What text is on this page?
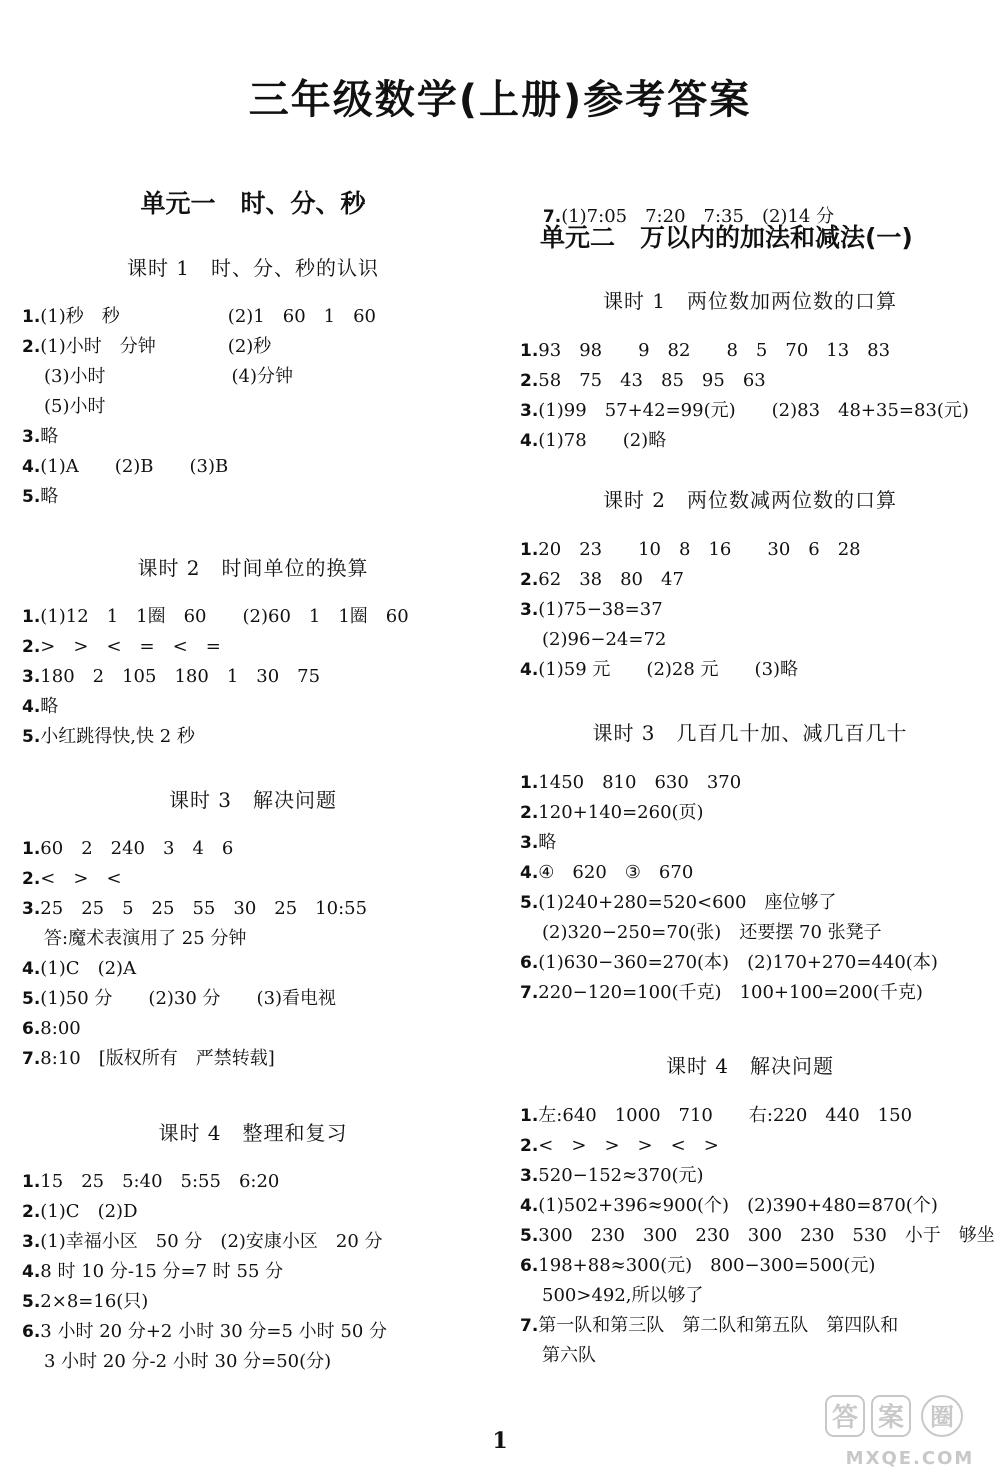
三年级数学(上册)参考答案
单元一　时、分、秒
课时 1　时、分、秒的认识
1.(1)秒　秒　　　　　　(2)1　60　1　60
2.(1)小时　分钟　　　　(2)秒
(3)小时　　　　　　　(4)分钟
(5)小时
3.略
4.(1)A　　(2)B　　(3)B
5.略
课时 2　时间单位的换算
1.(1)12　1　1圈　60　　(2)60　1　1圈　60
2.>　>　<　=　<　=
3.180　2　105　180　1　30　75
4.略
5.小红跳得快,快 2 秒
课时 3　解决问题
1.60　2　240　3　4　6
2.<　>　<
3.25　25　5　25　55　30　25　10:55
答:魔术表演用了 25 分钟
4.(1)C　(2)A
5.(1)50 分　　(2)30 分　　(3)看电视
6.8:00
7.8:10　[版权所有　严禁转载]
课时 4　整理和复习
1.15　25　5:40　5:55　6:20
2.(1)C　(2)D
3.(1)幸福小区　50 分　(2)安康小区　20 分
4.8 时 10 分-15 分=7 时 55 分
5.2×8=16(只)
6.3 小时 20 分+2 小时 30 分=5 小时 50 分
3 小时 20 分-2 小时 30 分=50(分)

7.(1)7:05　7:20　7:35　(2)14 分

单元二　万以内的加法和减法(一)
课时 1　两位数加两位数的口算
1.93　98　　9　82　　8　5　70　13　83
2.58　75　43　85　95　63
3.(1)99　57+42=99(元)　　(2)83　48+35=83(元)
4.(1)78　　(2)略
课时 2　两位数减两位数的口算
1.20　23　　10　8　16　　30　6　28
2.62　38　80　47
3.(1)75−38=37
(2)96−24=72
4.(1)59 元　　(2)28 元　　(3)略
课时 3　几百几十加、减几百几十
1.1450　810　630　370
2.120+140=260(页)
3.略
4.④　620　③　670
5.(1)240+280=520<600　座位够了
(2)320−250=70(张)　还要摆 70 张凳子
6.(1)630−360=270(本)　(2)170+270=440(本)
7.220−120=100(千克)　100+100=200(千克)
课时 4　解决问题
1.左:640　1000　710　　右:220　440　150
2.<　>　>　>　<　>
3.520−152≈370(元)
4.(1)502+396≈900(个)　(2)390+480=870(个)
5.300　230　300　230　300　230　530　小于　够坐
6.198+88≈300(元)　800−300=500(元)
500>492,所以够了
7.第一队和第三队　第二队和第五队　第四队和
第六队
1
答 案 圈
MXQE.COM
